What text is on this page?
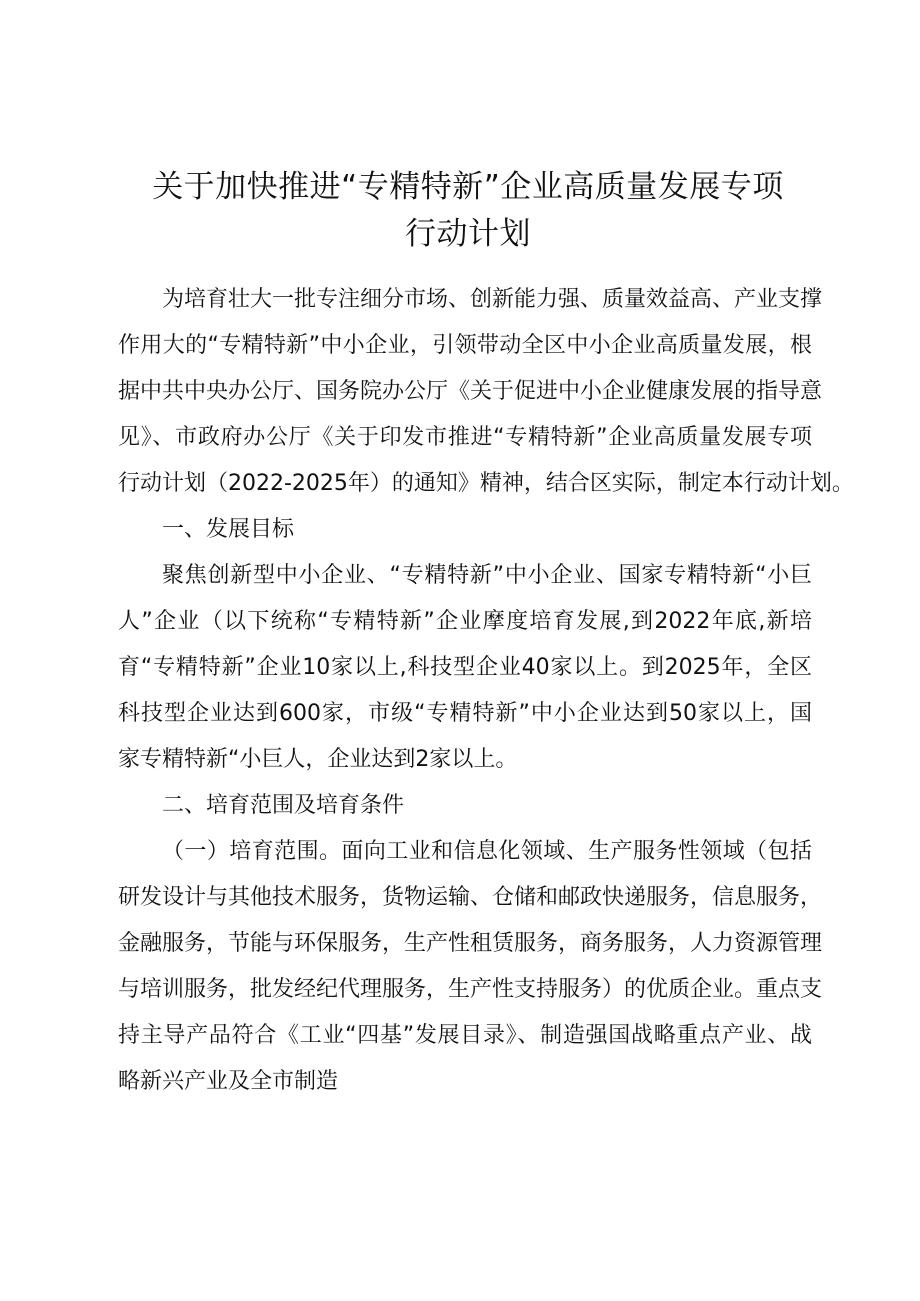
关于加快推进“专精特新”企业高质量发展专项
行动计划

为培育壮大一批专注细分市场、创新能力强、质量效益高、产业支撑

作用大的“专精特新”中小企业，引领带动全区中小企业高质量发展，根

据中共中央办公厅、国务院办公厅《关于促进中小企业健康发展的指导意

见》、市政府办公厅《关于印发市推进“专精特新”企业高质量发展专项

行动计划（2022-2025年）的通知》精神，结合区实际，制定本行动计划。

一、发展目标

聚焦创新型中小企业、“专精特新”中小企业、国家专精特新“小巨

人”企业（以下统称“专精特新”企业摩度培育发展,到2022年底,新培

育“专精特新”企业10家以上,科技型企业40家以上。到2025年，全区

科技型企业达到600家，市级“专精特新”中小企业达到50家以上，国

家专精特新“小巨人，企业达到2家以上。

二、培育范围及培育条件

（一）培育范围。面向工业和信息化领域、生产服务性领域（包括

研发设计与其他技术服务，货物运输、仓储和邮政快递服务，信息服务，

金融服务，节能与环保服务，生产性租赁服务，商务服务，人力资源管理

与培训服务，批发经纪代理服务，生产性支持服务）的优质企业。重点支

持主导产品符合《工业“四基”发展目录》、制造强国战略重点产业、战

略新兴产业及全市制造
